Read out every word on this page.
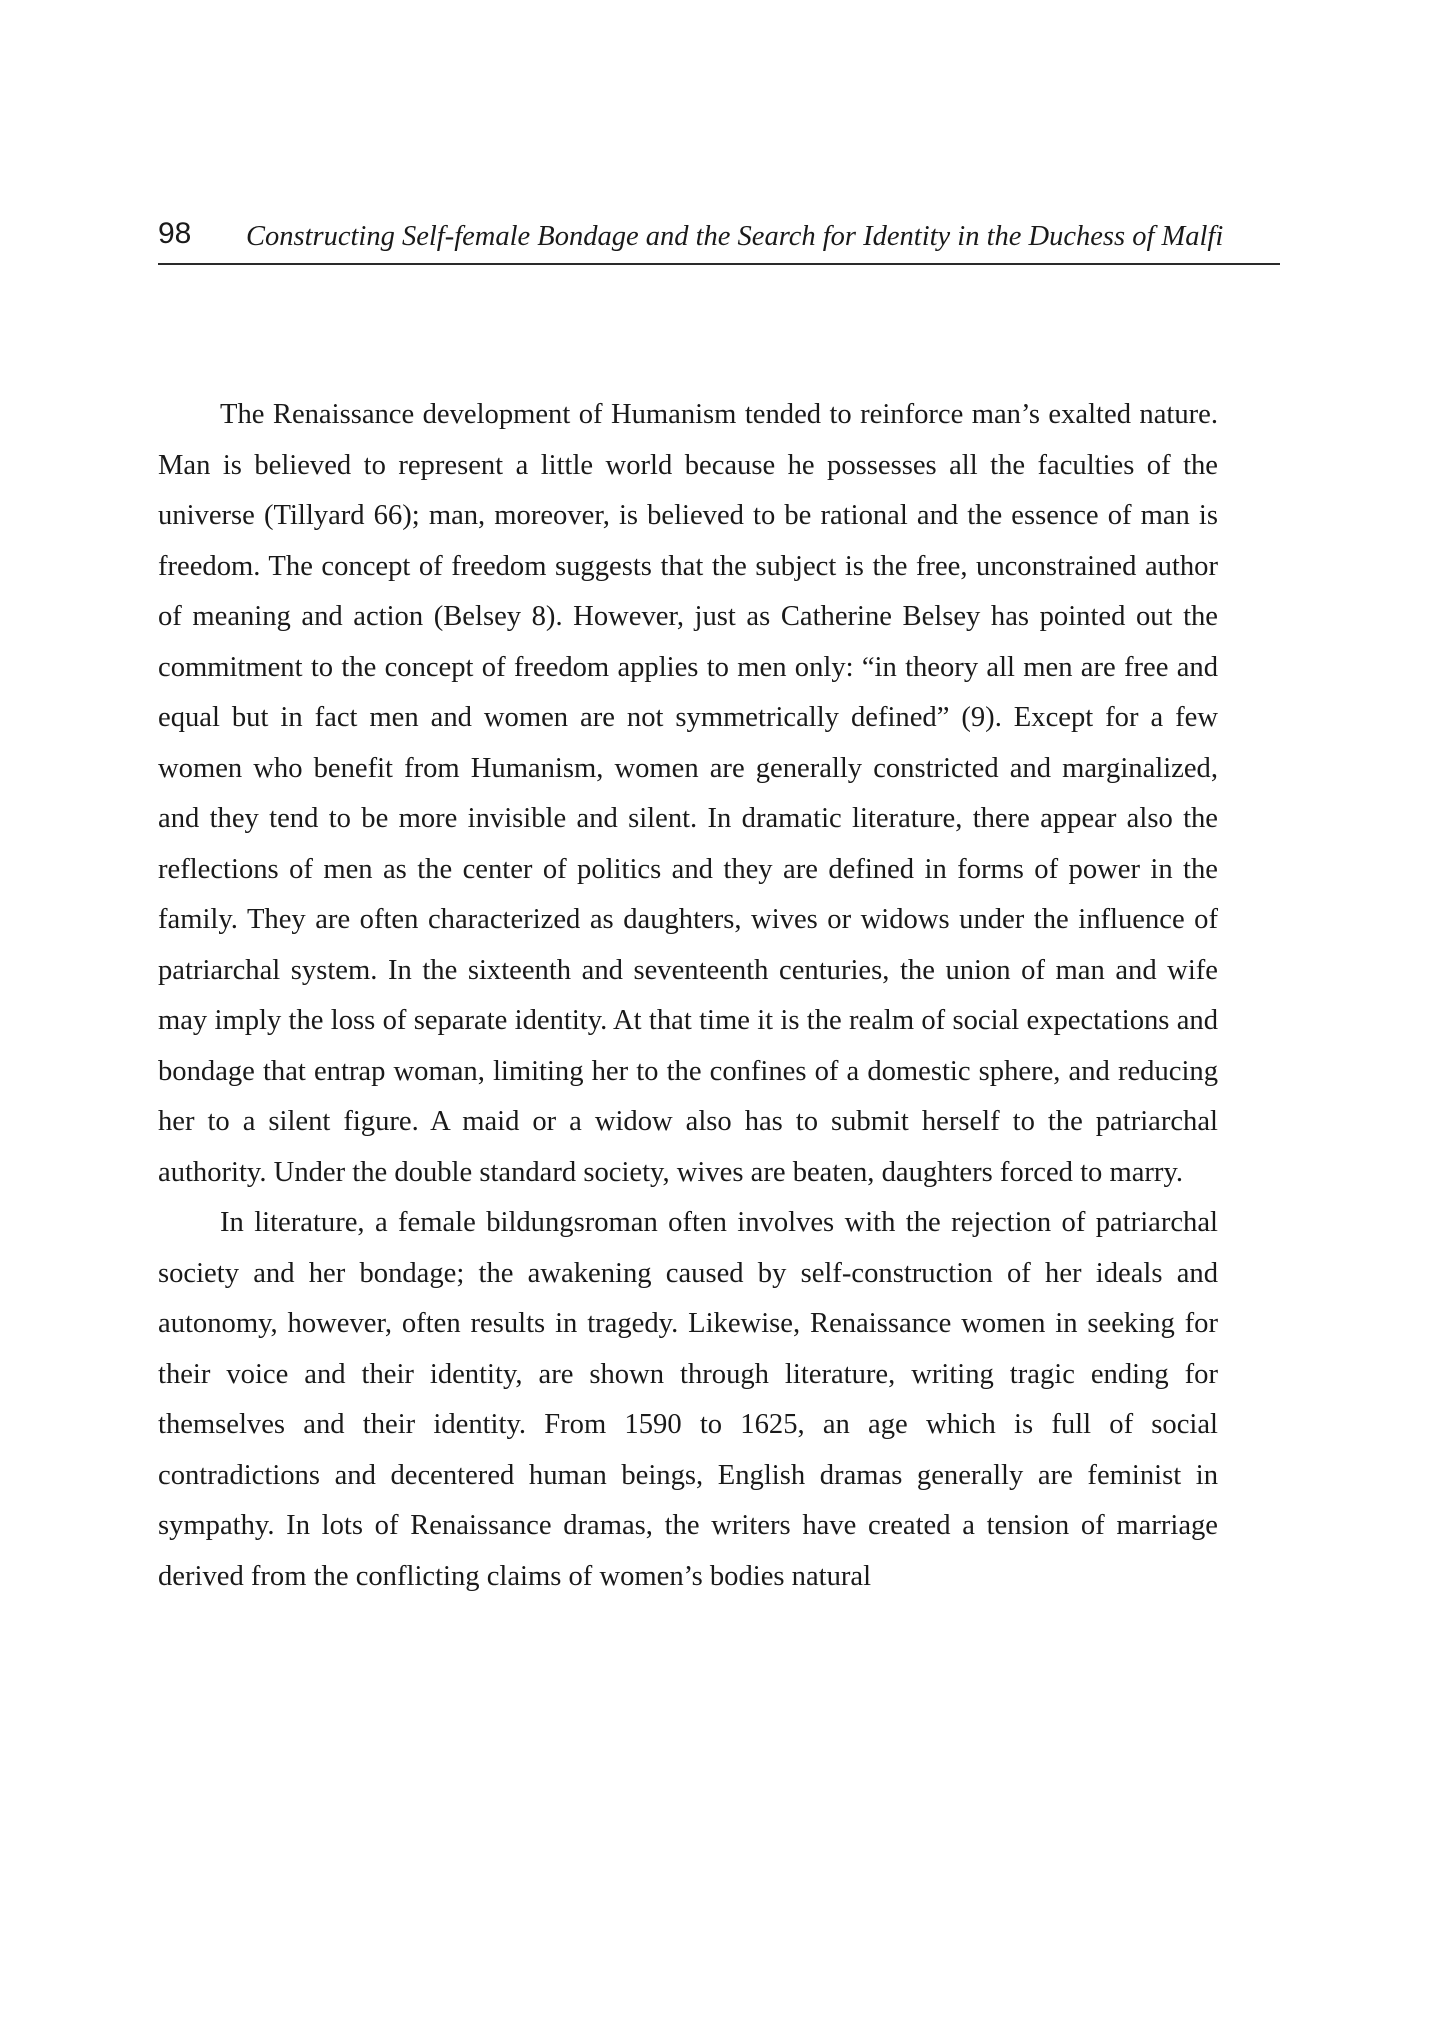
98 Constructing Self-female Bondage and the Search for Identity in the Duchess of Malfi

The Renaissance development of Humanism tended to reinforce man’s exalted nature. Man is believed to represent a little world because he possesses all the faculties of the universe (Tillyard 66); man, moreover, is believed to be rational and the essence of man is freedom. The concept of freedom suggests that the subject is the free, unconstrained author of meaning and action (Belsey 8). However, just as Catherine Belsey has pointed out the commitment to the concept of freedom applies to men only: “in theory all men are free and equal but in fact men and women are not symmetrically defined” (9). Except for a few women who benefit from Humanism, women are generally constricted and marginalized, and they tend to be more invisible and silent. In dramatic literature, there appear also the reflections of men as the center of politics and they are defined in forms of power in the family. They are often characterized as daughters, wives or widows under the influence of patriarchal system. In the sixteenth and seventeenth centuries, the union of man and wife may imply the loss of separate identity. At that time it is the realm of social expectations and bondage that entrap woman, limiting her to the confines of a domestic sphere, and reducing her to a silent figure. A maid or a widow also has to submit herself to the patriarchal authority. Under the double standard society, wives are beaten, daughters forced to marry.

In literature, a female bildungsroman often involves with the rejection of patriarchal society and her bondage; the awakening caused by self-construction of her ideals and autonomy, however, often results in tragedy. Likewise, Renaissance women in seeking for their voice and their identity, are shown through literature, writing tragic ending for themselves and their identity. From 1590 to 1625, an age which is full of social contradictions and decentered human beings, English dramas generally are feminist in sympathy. In lots of Renaissance dramas, the writers have created a tension of marriage derived from the conflicting claims of women’s bodies natural
